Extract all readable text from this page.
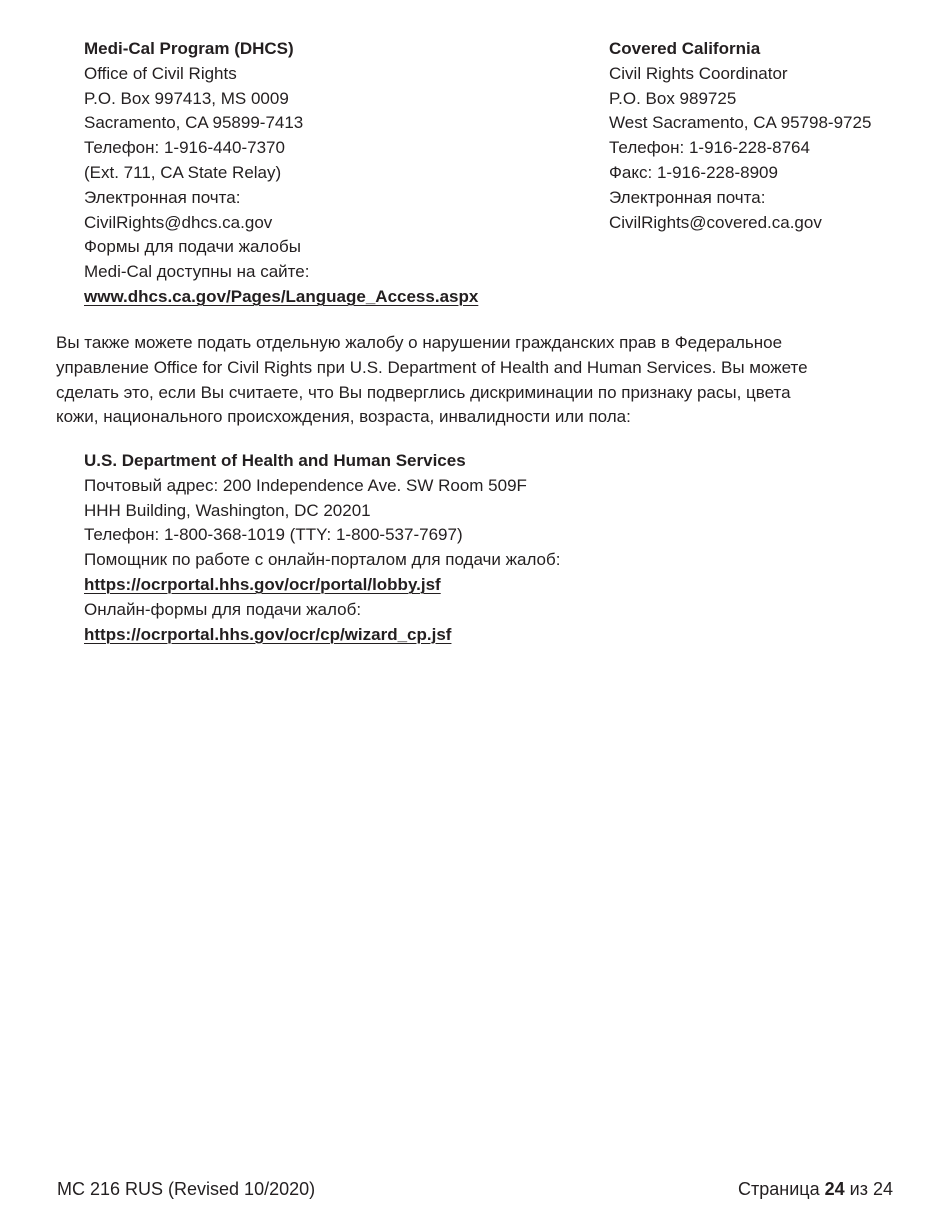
Medi-Cal Program (DHCS)
Office of Civil Rights
P.O. Box 997413, MS 0009
Sacramento, CA 95899-7413
Телефон: 1-916-440-7370
(Ext. 711, CA State Relay)
Электронная почта:
CivilRights@dhcs.ca.gov
Формы для подачи жалобы
Medi-Cal доступны на сайте:
www.dhcs.ca.gov/Pages/Language_Access.aspx
Covered California
Civil Rights Coordinator
P.O. Box 989725
West Sacramento, CA 95798-9725
Телефон: 1-916-228-8764
Факс: 1-916-228-8909
Электронная почта:
CivilRights@covered.ca.gov
Вы также можете подать отдельную жалобу о нарушении гражданских прав в Федеральное
управление Office for Civil Rights при U.S. Department of Health and Human Services. Вы можете
сделать это, если Вы считаете, что Вы подверглись дискриминации по признаку расы, цвета
кожи, национального происхождения, возраста, инвалидности или пола:
U.S. Department of Health and Human Services
Почтовый адрес: 200 Independence Ave. SW Room 509F
HHH Building, Washington, DC 20201
Телефон: 1-800-368-1019 (TTY: 1-800-537-7697)
Помощник по работе с онлайн-порталом для подачи жалоб:
https://ocrportal.hhs.gov/ocr/portal/lobby.jsf
Онлайн-формы для подачи жалоб:
https://ocrportal.hhs.gov/ocr/cp/wizard_cp.jsf
MC 216 RUS (Revised 10/2020)	Страница 24 из 24
